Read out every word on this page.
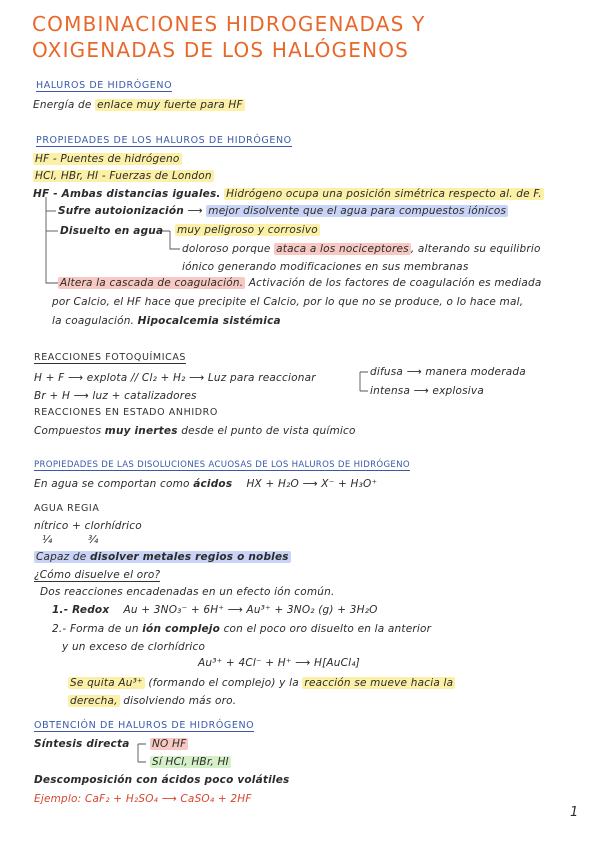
COMBINACIONES HIDROGENADAS Y
OXIGENADAS DE LOS HALÓGENOS
HALUROS DE HIDRÓGENO
Energía de enlace muy fuerte para HF
PROPIEDADES DE LOS HALUROS DE HIDRÓGENO
HF - Puentes de hidrógeno
HCl, HBr, HI - Fuerzas de London
HF - Ambas distancias iguales. Hidrógeno ocupa una posición simétrica respecto al. de F.
Sufre autoionización ⟶ mejor disolvente que el agua para compuestos iónicos
Disuelto en agua muy peligroso y corrosivo
doloroso porque ataca a los nociceptores , alterando su equilibrio
iónico generando modificaciones en sus membranas
Altera la cascada de coagulación. Activación de los factores de coagulación es mediada
por Calcio, el HF hace que precipite el Calcio, por lo que no se produce, o lo hace mal,
la coagulación. Hipocalcemia sistémica
REACCIONES FOTOQUÍMICAS
H + F ⟶ explota // Cl₂ + H₂ ⟶ Luz para reaccionar	difusa ⟶ manera moderada
Br + H ⟶ luz + catalizadores	intensa ⟶ explosiva
REACCIONES EN ESTADO ANHIDRO
Compuestos muy inertes desde el punto de vista químico
PROPIEDADES DE LAS DISOLUCIONES ACUOSAS DE LOS HALUROS DE HIDRÓGENO
En agua se comportan como ácidos HX + H₂O ⟶ X⁻ + H₃O⁺
AGUA REGIA
nítrico + clorhídrico
¼	¾
Capaz de disolver metales regios o nobles
¿Cómo disuelve el oro?
Dos reacciones encadenadas en un efecto ión común.
1.- Redox Au + 3NO₃⁻ + 6H⁺ ⟶ Au³⁺ + 3NO₂ (g) + 3H₂O
2.- Forma de un ión complejo con el poco oro disuelto en la anterior
y un exceso de clorhídrico
Au³⁺ + 4Cl⁻ + H⁺ ⟶ H[AuCl₄]
Se quita Au³⁺ (formando el complejo) y la reacción se mueve hacia la
derecha, disolviendo más oro.
OBTENCIÓN DE HALUROS DE HIDRÓGENO
Síntesis directa NO HF
Sí HCl, HBr, HI
Descomposición con ácidos poco volátiles
Ejemplo: CaF₂ + H₂SO₄ ⟶ CaSO₄ + 2HF
1
